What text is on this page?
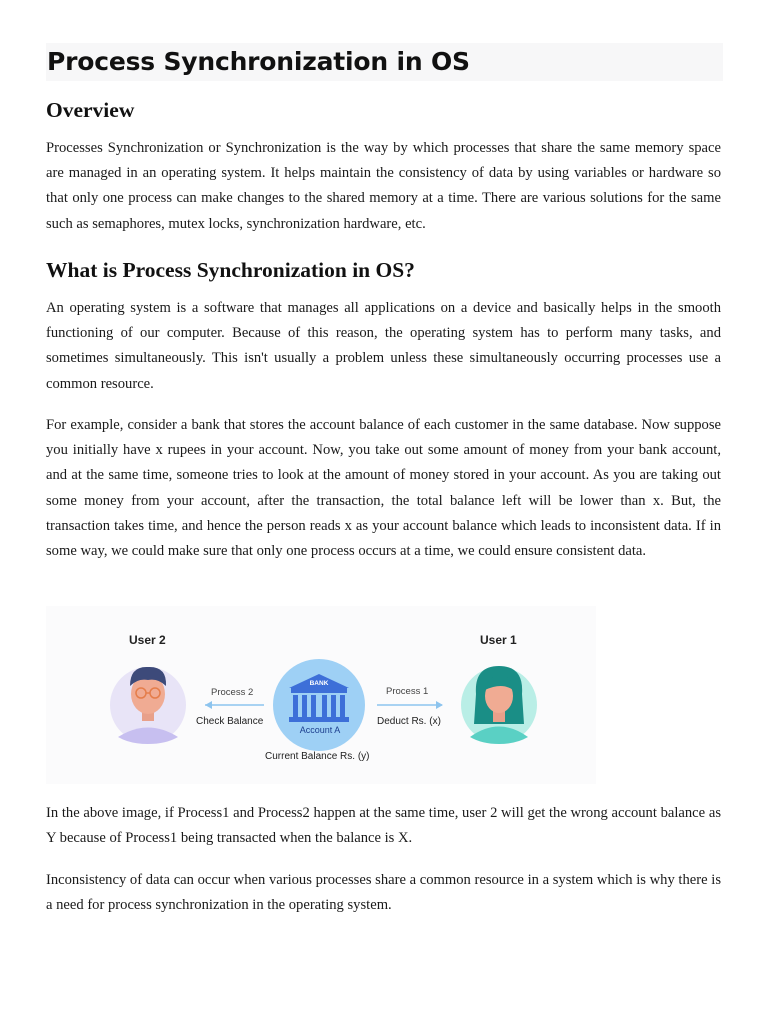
Process Synchronization in OS
Overview

Processes Synchronization or Synchronization is the way by which processes that share the same memory space are managed in an operating system. It helps maintain the consistency of data by using variables or hardware so that only one process can make changes to the shared memory at a time. There are various solutions for the same such as semaphores, mutex locks, synchronization hardware, etc.

What is Process Synchronization in OS?

An operating system is a software that manages all applications on a device and basically helps in the smooth functioning of our computer. Because of this reason, the operating system has to perform many tasks, and sometimes simultaneously. This isn't usually a problem unless these simultaneously occurring processes use a common resource.

For example, consider a bank that stores the account balance of each customer in the same database. Now suppose you initially have x rupees in your account. Now, you take out some amount of money from your bank account, and at the same time, someone tries to look at the amount of money stored in your account. As you are taking out some money from your account, after the transaction, the total balance left will be lower than x. But, the transaction takes time, and hence the person reads x as your account balance which leads to inconsistent data. If in some way, we could make sure that only one process occurs at a time, we could ensure consistent data.

User 2	User 1
Process 2
Check Balance
BANK
Account A
Process 1
Deduct Rs. (x)
Current Balance Rs. (y)

In the above image, if Process1 and Process2 happen at the same time, user 2 will get the wrong account balance as Y because of Process1 being transacted when the balance is X.

Inconsistency of data can occur when various processes share a common resource in a system which is why there is a need for process synchronization in the operating system.
